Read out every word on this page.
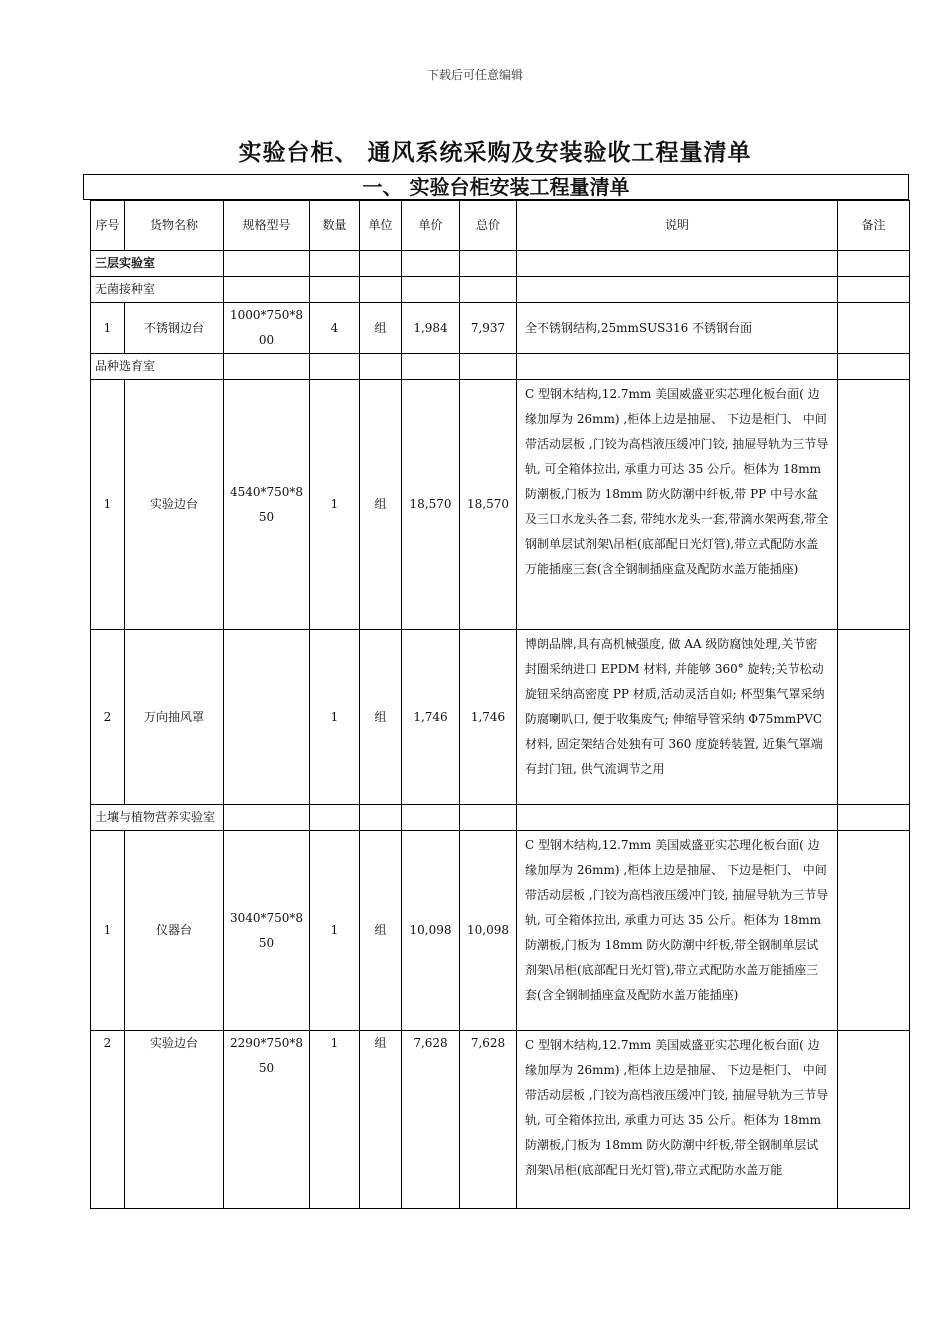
下载后可任意编辑
实验台柜、 通风系统采购及安装验收工程量清单
一、 实验台柜安装工程量清单
序号	货物名称	规格型号	数量	单位	单价	总价	说明	备注
三层实验室								
无菌接种室								
1	不锈钢边台	1000*750*800	4	组	1,984	7,937	全不锈钢结构,25mmSUS316 不锈钢台面	
品种选育室								
1	实验边台	4540*750*850	1	组	18,570	18,570	C 型钢木结构,12.7mm 美国威盛亚实芯理化板台面( 边缘加厚为 26mm) ,柜体上边是抽屉、 下边是柜门、 中间带活动层板 ,门铰为高档液压缓冲门铰, 抽屉导轨为三节导轨, 可全箱体拉出, 承重力可达 35 公斤。柜体为 18mm 防潮板,门板为 18mm 防火防潮中纤板,带 PP 中号水盆及三口水龙头各二套, 带纯水龙头一套,带滴水架两套,带全钢制单层试剂架\吊柜(底部配日光灯管),带立式配防水盖万能插座三套(含全钢制插座盒及配防水盖万能插座)	
2	万向抽风罩		1	组	1,746	1,746	博朗品牌,具有高机械强度, 做 AA 级防腐蚀处理,关节密封圈采纳进口 EPDM 材料, 并能够 360° 旋转;关节松动旋钮采纳高密度 PP 材质,活动灵活自如; 杯型集气罩采纳防腐喇叭口, 便于收集废气; 伸缩导管采纳 Φ75mmPVC 材料, 固定架结合处独有可 360 度旋转装置, 近集气罩端有封门钮, 供气流调节之用	
土壤与植物营养实验室								
1	仪器台	3040*750*850	1	组	10,098	10,098	C 型钢木结构,12.7mm 美国威盛亚实芯理化板台面( 边缘加厚为 26mm) ,柜体上边是抽屉、 下边是柜门、 中间带活动层板 ,门铰为高档液压缓冲门铰, 抽屉导轨为三节导轨, 可全箱体拉出, 承重力可达 35 公斤。柜体为 18mm 防潮板,门板为 18mm 防火防潮中纤板,带全钢制单层试剂架\吊柜(底部配日光灯管),带立式配防水盖万能插座三套(含全钢制插座盒及配防水盖万能插座)	
2	实验边台	2290*750*850	1	组	7,628	7,628	C 型钢木结构,12.7mm 美国威盛亚实芯理化板台面( 边缘加厚为 26mm) ,柜体上边是抽屉、 下边是柜门、 中间带活动层板 ,门铰为高档液压缓冲门铰, 抽屉导轨为三节导轨, 可全箱体拉出, 承重力可达 35 公斤。柜体为 18mm 防潮板,门板为 18mm 防火防潮中纤板,带全钢制单层试剂架\吊柜(底部配日光灯管),带立式配防水盖万能	
